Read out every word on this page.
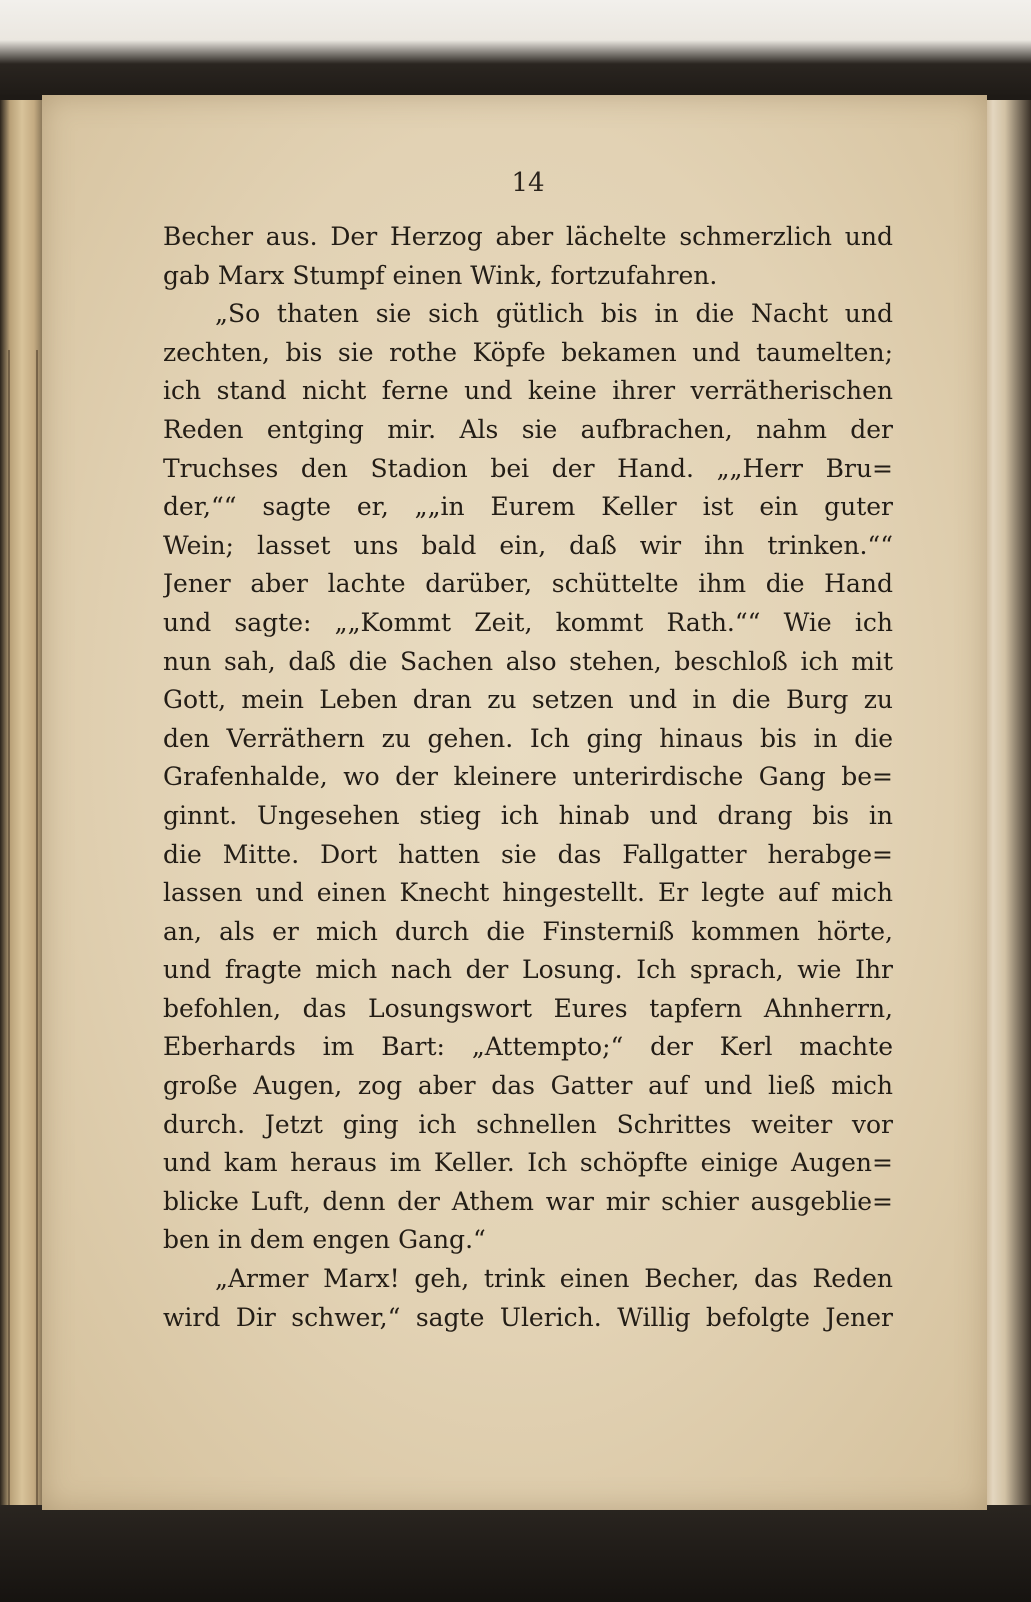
14
Becher aus. Der Herzog aber lächelte schmerzlich und
gab Marx Stumpf einen Wink, fortzufahren.
„So thaten sie sich gütlich bis in die Nacht und
zechten, bis sie rothe Köpfe bekamen und taumelten;
ich stand nicht ferne und keine ihrer verrätherischen
Reden entging mir. Als sie aufbrachen, nahm der
Truchses den Stadion bei der Hand. „„Herr Bru=
der,““ sagte er, „„in Eurem Keller ist ein guter
Wein; lasset uns bald ein, daß wir ihn trinken.““
Jener aber lachte darüber, schüttelte ihm die Hand
und sagte: „„Kommt Zeit, kommt Rath.““ Wie ich
nun sah, daß die Sachen also stehen, beschloß ich mit
Gott, mein Leben dran zu setzen und in die Burg zu
den Verräthern zu gehen. Ich ging hinaus bis in die
Grafenhalde, wo der kleinere unterirdische Gang be=
ginnt. Ungesehen stieg ich hinab und drang bis in
die Mitte. Dort hatten sie das Fallgatter herabge=
lassen und einen Knecht hingestellt. Er legte auf mich
an, als er mich durch die Finsterniß kommen hörte,
und fragte mich nach der Losung. Ich sprach, wie Ihr
befohlen, das Losungswort Eures tapfern Ahnherrn,
Eberhards im Bart: „Attempto;“ der Kerl machte
große Augen, zog aber das Gatter auf und ließ mich
durch. Jetzt ging ich schnellen Schrittes weiter vor
und kam heraus im Keller. Ich schöpfte einige Augen=
blicke Luft, denn der Athem war mir schier ausgeblie=
ben in dem engen Gang.“
„Armer Marx! geh, trink einen Becher, das Reden
wird Dir schwer,“ sagte Ulerich. Willig befolgte Jener
